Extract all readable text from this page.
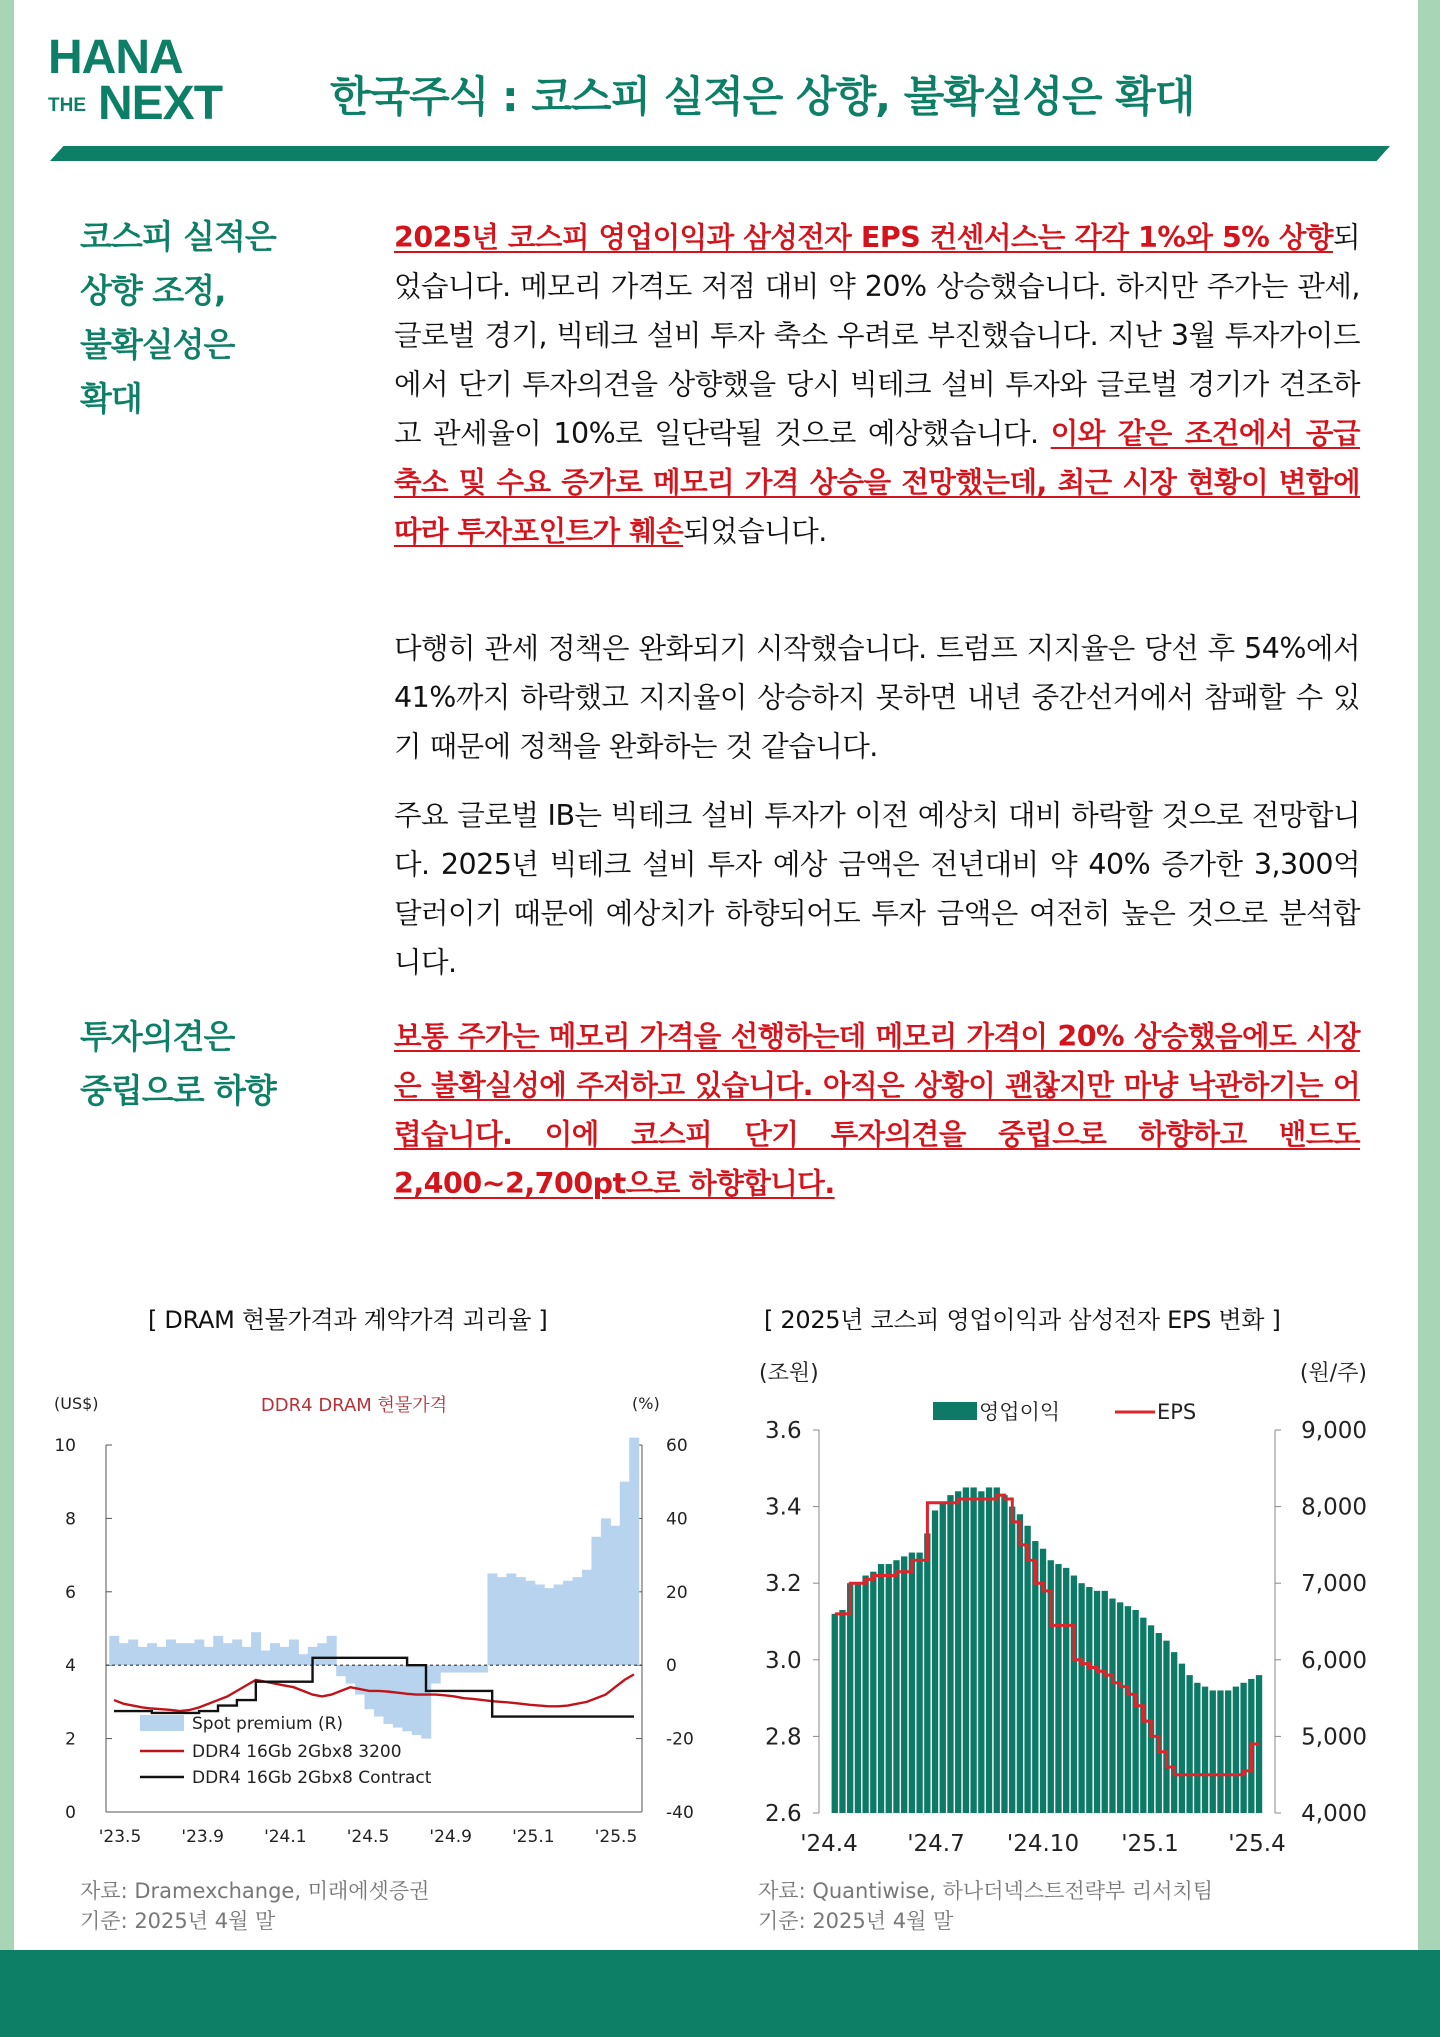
HANA
THE NEXT	한국주식 : 코스피 실적은 상향, 불확실성은 확대
코스피 실적은
상향 조정,
불확실성은
확대
2025년 코스피 영업이익과 삼성전자 EPS 컨센서스는 각각 1%와 5% 상향되었습니다. 메모리 가격도 저점 대비 약 20% 상승했습니다. 하지만 주가는 관세, 글로벌 경기, 빅테크 설비 투자 축소 우려로 부진했습니다. 지난 3월 투자가이드에서 단기 투자의견을 상향했을 당시 빅테크 설비 투자와 글로벌 경기가 견조하고 관세율이 10%로 일단락될 것으로 예상했습니다. 이와 같은 조건에서 공급 축소 및 수요 증가로 메모리 가격 상승을 전망했는데, 최근 시장 현황이 변함에 따라 투자포인트가 훼손되었습니다.
다행히 관세 정책은 완화되기 시작했습니다. 트럼프 지지율은 당선 후 54%에서 41%까지 하락했고 지지율이 상승하지 못하면 내년 중간선거에서 참패할 수 있기 때문에 정책을 완화하는 것 같습니다.
주요 글로벌 IB는 빅테크 설비 투자가 이전 예상치 대비 하락할 것으로 전망합니다. 2025년 빅테크 설비 투자 예상 금액은 전년대비 약 40% 증가한 3,300억 달러이기 때문에 예상치가 하향되어도 투자 금액은 여전히 높은 것으로 분석합니다.
투자의견은
중립으로 하향
보통 주가는 메모리 가격을 선행하는데 메모리 가격이 20% 상승했음에도 시장은 불확실성에 주저하고 있습니다. 아직은 상황이 괜찮지만 마냥 낙관하기는 어렵습니다. 이에 코스피 단기 투자의견을 중립으로 하향하고 밴드도 2,400~2,700pt으로 하향합니다.
[ DRAM 현물가격과 계약가격 괴리율 ]
(US$)	(%)
DDR4 DRAM 현물가격
10
8
6
4
2
0
60
40
20
0
-20
-40
'23.5 '23.9 '24.1 '24.5 '24.9 '25.1 '25.5
Spot premium (R)
DDR4 16Gb 2Gbx8 3200
DDR4 16Gb 2Gbx8 Contract
자료: Dramexchange, 미래에셋증권
기준: 2025년 4월 말
[ 2025년 코스피 영업이익과 삼성전자 EPS 변화 ]
(조원)	(원/주)
영업이익	EPS
3.6
3.4
3.2
3.0
2.8
2.6
9,000
8,000
7,000
6,000
5,000
4,000
'24.4 '24.7 '24.10 '25.1 '25.4
자료: Quantiwise, 하나더넥스트전략부 리서치팀
기준: 2025년 4월 말
